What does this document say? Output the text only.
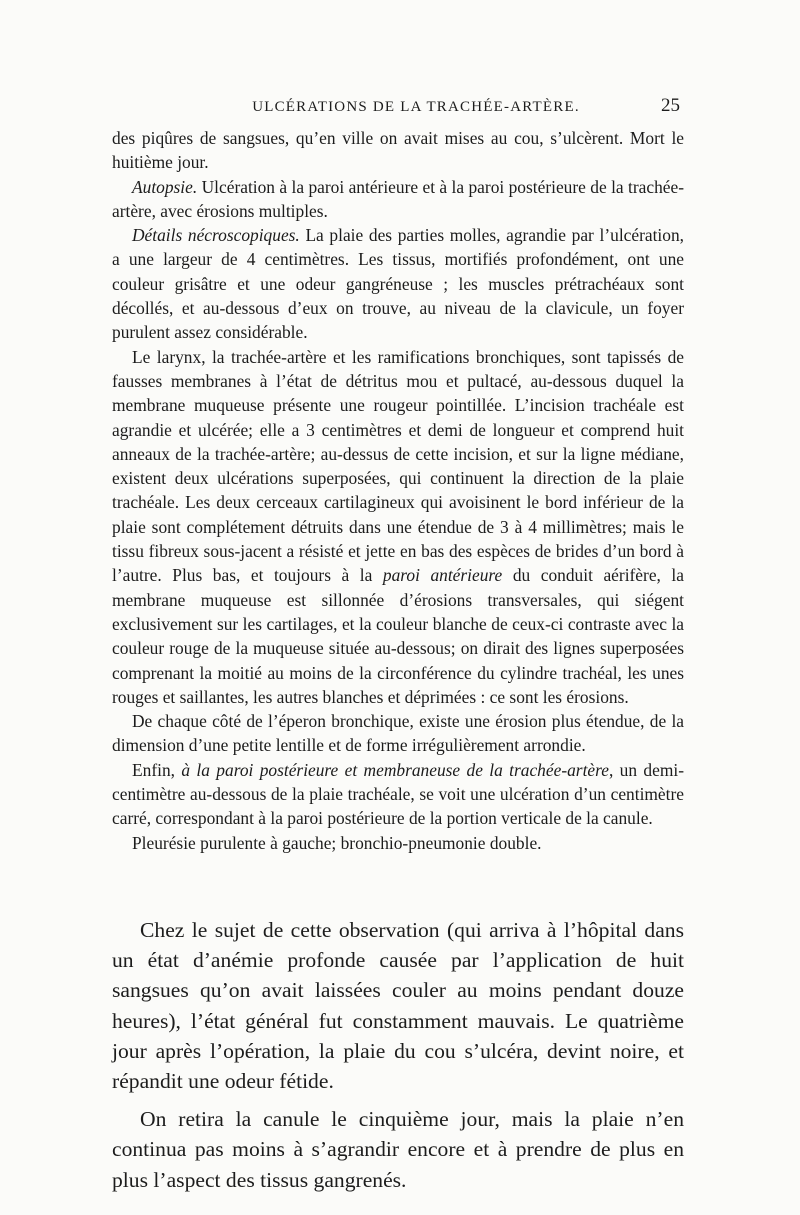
ULCÉRATIONS DE LA TRACHÉE-ARTÈRE.	25

des piqûres de sangsues, qu’en ville on avait mises au cou, s’ulcèrent. Mort le huitième jour.

Autopsie. Ulcération à la paroi antérieure et à la paroi postérieure de la trachée-artère, avec érosions multiples.

Détails nécroscopiques. La plaie des parties molles, agrandie par l’ulcération, a une largeur de 4 centimètres. Les tissus, mortifiés profondément, ont une couleur grisâtre et une odeur gangréneuse ; les muscles prétrachéaux sont décollés, et au-dessous d’eux on trouve, au niveau de la clavicule, un foyer purulent assez considérable.

Le larynx, la trachée-artère et les ramifications bronchiques, sont tapissés de fausses membranes à l’état de détritus mou et pultacé, au-dessous duquel la membrane muqueuse présente une rougeur pointillée. L’incision trachéale est agrandie et ulcérée; elle a 3 centimètres et demi de longueur et comprend huit anneaux de la trachée-artère; au-dessus de cette incision, et sur la ligne médiane, existent deux ulcérations superposées, qui continuent la direction de la plaie trachéale. Les deux cerceaux cartilagineux qui avoisinent le bord inférieur de la plaie sont complétement détruits dans une étendue de 3 à 4 millimètres; mais le tissu fibreux sous-jacent a résisté et jette en bas des espèces de brides d’un bord à l’autre. Plus bas, et toujours à la paroi antérieure du conduit aérifère, la membrane muqueuse est sillonnée d’érosions transversales, qui siégent exclusivement sur les cartilages, et la couleur blanche de ceux-ci contraste avec la couleur rouge de la muqueuse située au-dessous; on dirait des lignes superposées comprenant la moitié au moins de la circonférence du cylindre trachéal, les unes rouges et saillantes, les autres blanches et déprimées : ce sont les érosions.

De chaque côté de l’éperon bronchique, existe une érosion plus étendue, de la dimension d’une petite lentille et de forme irrégulièrement arrondie.

Enfin, à la paroi postérieure et membraneuse de la trachée-artère, un demi-centimètre au-dessous de la plaie trachéale, se voit une ulcération d’un centimètre carré, correspondant à la paroi postérieure de la portion verticale de la canule.

Pleurésie purulente à gauche; bronchio-pneumonie double.

Chez le sujet de cette observation (qui arriva à l’hôpital dans un état d’anémie profonde causée par l’application de huit sangsues qu’on avait laissées couler au moins pendant douze heures), l’état général fut constamment mauvais. Le quatrième jour après l’opération, la plaie du cou s’ulcéra, devint noire, et répandit une odeur fétide.

On retira la canule le cinquième jour, mais la plaie n’en continua pas moins à s’agrandir encore et à prendre de plus en plus l’aspect des tissus gangrenés.
